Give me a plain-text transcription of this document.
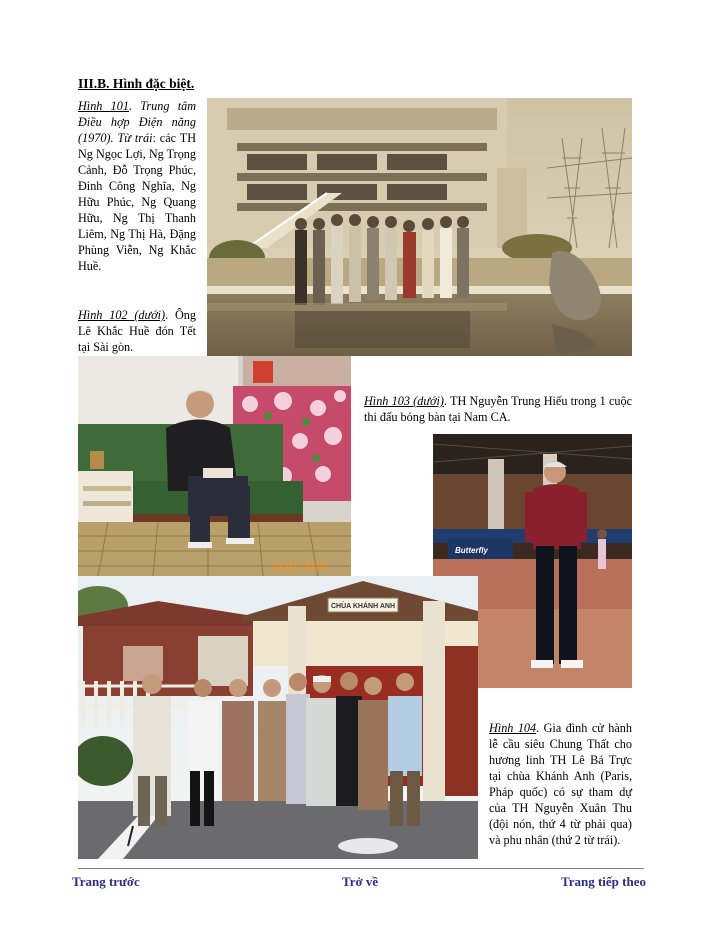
III.B. Hình đặc biệt.
Hình 101. Trung tâm Điều hợp Điện năng (1970). Từ trái: các TH Ng Ngọc Lợi, Ng Trọng Cảnh, Đỗ Trọng Phúc, Đinh Công Nghĩa, Ng Hữu Phúc, Ng Quang Hữu, Ng Thị Thanh Liêm, Ng Thị Hà, Đặng Phùng Viễn, Ng Khắc Huề.
Hình 102 (dưới). Ông Lê Khắc Huề đón Tết tại Sài gòn.
14-01-2010
Hình 103 (dưới). TH Nguyễn Trung Hiếu trong 1 cuộc thi đấu bóng bàn tại Nam CA.
Butterfly
CHÙA KHÁNH ANH
Hình 104. Gia đình cử hành lễ cầu siêu Chung Thất cho hương linh TH Lê Bá Trực tại chùa Khánh Anh (Paris, Pháp quốc) có sự tham dự của TH Nguyễn Xuân Thu (đội nón, thứ 4 từ phải qua) và phu nhân (thứ 2 từ trái).
Trang trước	Trở về	Trang tiếp theo
